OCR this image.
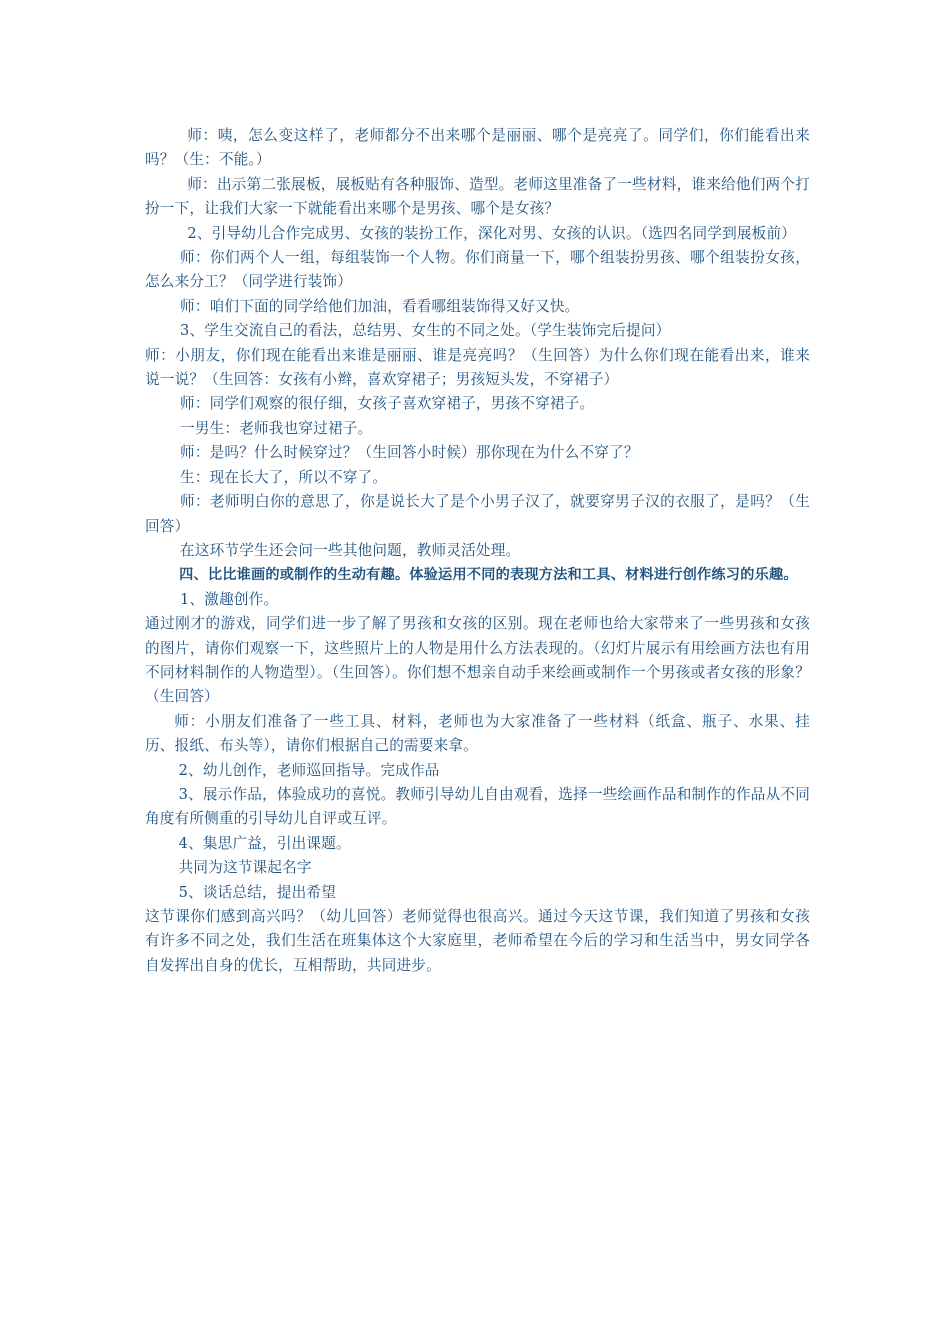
师：咦，怎么变这样了，老师都分不出来哪个是丽丽、哪个是亮亮了。同学们，你们能看出来吗？（生：不能。）

师：出示第二张展板，展板贴有各种服饰、造型。老师这里准备了一些材料，谁来给他们两个打扮一下，让我们大家一下就能看出来哪个是男孩、哪个是女孩？

2、引导幼儿合作完成男、女孩的装扮工作，深化对男、女孩的认识。（选四名同学到展板前）

师：你们两个人一组，每组装饰一个人物。你们商量一下，哪个组装扮男孩、哪个组装扮女孩，怎么来分工？（同学进行装饰）

师：咱们下面的同学给他们加油，看看哪组装饰得又好又快。

3、学生交流自己的看法，总结男、女生的不同之处。（学生装饰完后提问）

师：小朋友，你们现在能看出来谁是丽丽、谁是亮亮吗？（生回答）为什么你们现在能看出来，谁来说一说？（生回答：女孩有小辫，喜欢穿裙子；男孩短头发，不穿裙子）

师：同学们观察的很仔细，女孩子喜欢穿裙子，男孩不穿裙子。

一男生：老师我也穿过裙子。

师：是吗？什么时候穿过？（生回答小时候）那你现在为什么不穿了？

生：现在长大了，所以不穿了。

师：老师明白你的意思了，你是说长大了是个小男子汉了，就要穿男子汉的衣服了，是吗？（生回答）

在这环节学生还会问一些其他问题，教师灵活处理。

四、比比谁画的或制作的生动有趣。体验运用不同的表现方法和工具、材料进行创作练习的乐趣。

1、激趣创作。

通过刚才的游戏，同学们进一步了解了男孩和女孩的区别。现在老师也给大家带来了一些男孩和女孩的图片，请你们观察一下，这些照片上的人物是用什么方法表现的。（幻灯片展示有用绘画方法也有用不同材料制作的人物造型）。（生回答）。你们想不想亲自动手来绘画或制作一个男孩或者女孩的形象？（生回答）

师：小朋友们准备了一些工具、材料，老师也为大家准备了一些材料（纸盒、瓶子、水果、挂历、报纸、布头等），请你们根据自己的需要来拿。

2、幼儿创作，老师巡回指导。完成作品

3、展示作品，体验成功的喜悦。教师引导幼儿自由观看，选择一些绘画作品和制作的作品从不同角度有所侧重的引导幼儿自评或互评。

4、集思广益，引出课题。

共同为这节课起名字

5、谈话总结，提出希望

这节课你们感到高兴吗？（幼儿回答）老师觉得也很高兴。通过今天这节课，我们知道了男孩和女孩有许多不同之处，我们生活在班集体这个大家庭里，老师希望在今后的学习和生活当中，男女同学各自发挥出自身的优长，互相帮助，共同进步。
